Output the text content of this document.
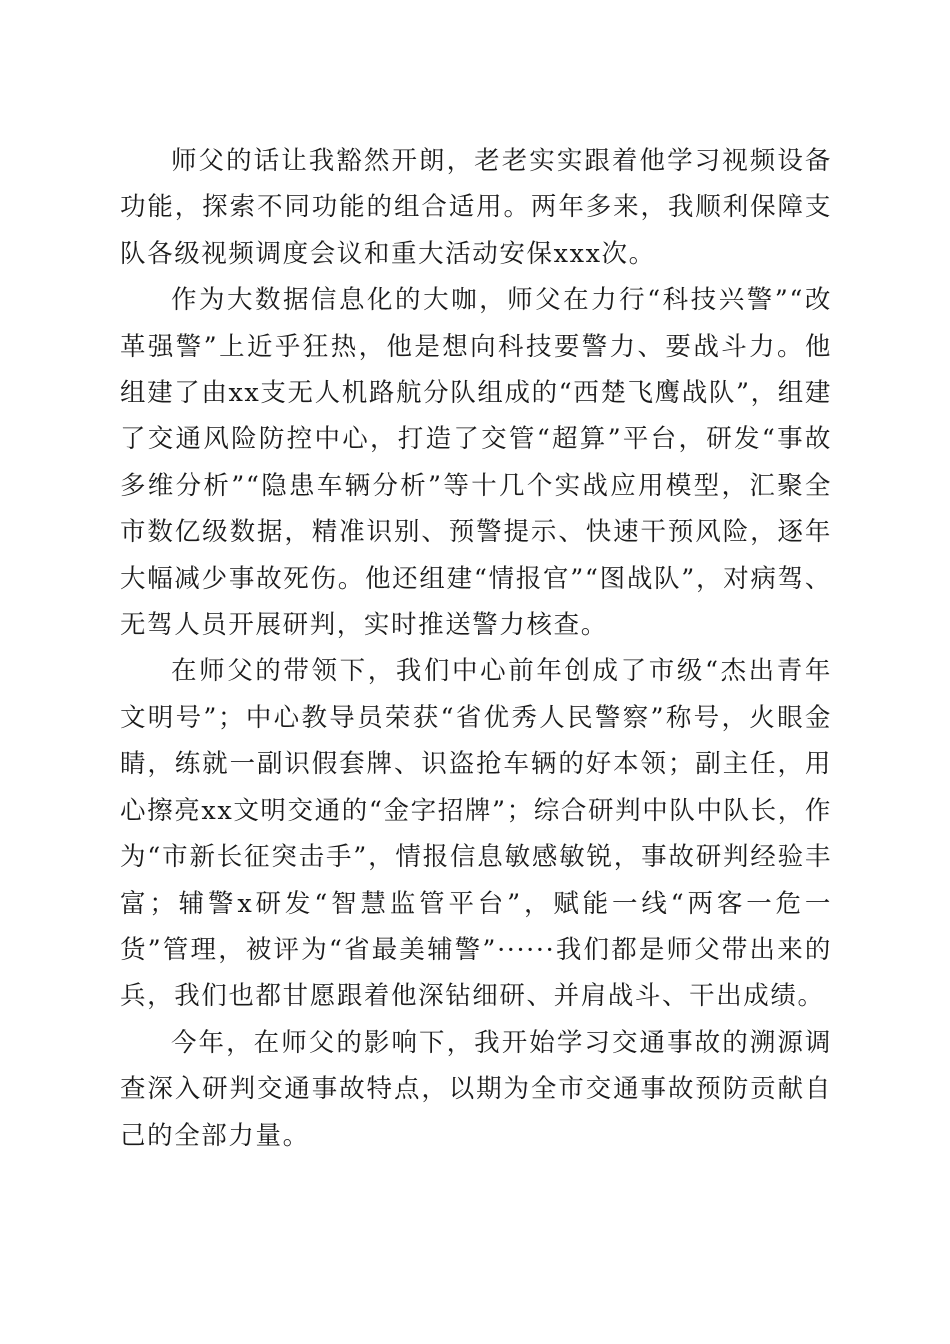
师父的话让我豁然开朗，老老实实跟着他学习视频设备功能，探索不同功能的组合适用。两年多来，我顺利保障支队各级视频调度会议和重大活动安保xxx次。

作为大数据信息化的大咖，师父在力行“科技兴警”“改革强警”上近乎狂热，他是想向科技要警力、要战斗力。他组建了由xx支无人机路航分队组成的“西楚飞鹰战队”，组建了交通风险防控中心，打造了交管“超算”平台，研发“事故多维分析”“隐患车辆分析”等十几个实战应用模型，汇聚全市数亿级数据，精准识别、预警提示、快速干预风险，逐年大幅减少事故死伤。他还组建“情报官”“图战队”，对病驾、无驾人员开展研判，实时推送警力核查。

在师父的带领下，我们中心前年创成了市级“杰出青年文明号”；中心教导员荣获“省优秀人民警察”称号，火眼金睛，练就一副识假套牌、识盗抢车辆的好本领；副主任，用心擦亮xx文明交通的“金字招牌”；综合研判中队中队长，作为“市新长征突击手”，情报信息敏感敏锐，事故研判经验丰富；辅警x研发“智慧监管平台”，赋能一线“两客一危一货”管理，被评为“省最美辅警”······我们都是师父带出来的兵，我们也都甘愿跟着他深钻细研、并肩战斗、干出成绩。

今年，在师父的影响下，我开始学习交通事故的溯源调查深入研判交通事故特点，以期为全市交通事故预防贡献自己的全部力量。
